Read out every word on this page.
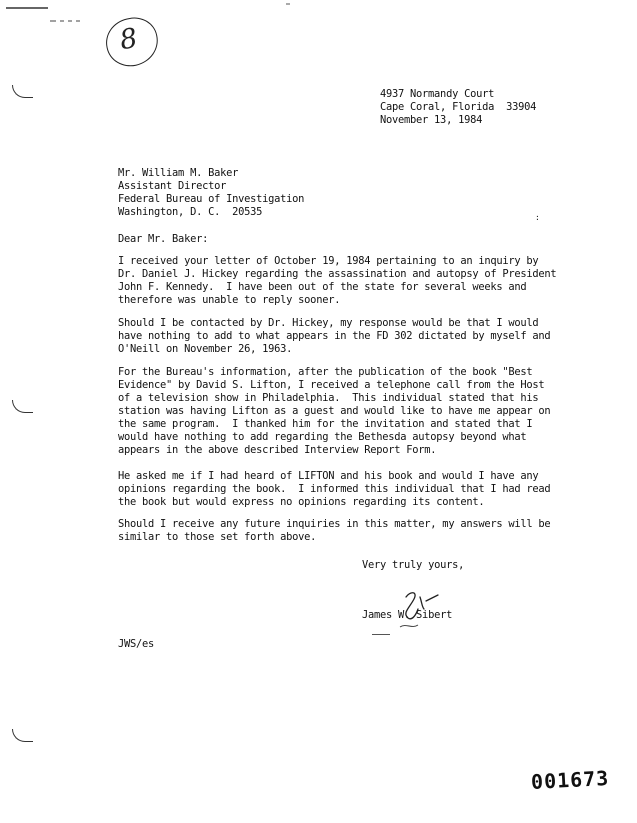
8
4937 Normandy Court
Cape Coral, Florida  33904
November 13, 1984
Mr. William M. Baker
Assistant Director
Federal Bureau of Investigation
Washington, D. C.  20535	:
Dear Mr. Baker:
I received your letter of October 19, 1984 pertaining to an inquiry by
Dr. Daniel J. Hickey regarding the assassination and autopsy of President
John F. Kennedy.  I have been out of the state for several weeks and
therefore was unable to reply sooner.
Should I be contacted by Dr. Hickey, my response would be that I would
have nothing to add to what appears in the FD 302 dictated by myself and
O'Neill on November 26, 1963.
For the Bureau's information, after the publication of the book "Best
Evidence" by David S. Lifton, I received a telephone call from the Host
of a television show in Philadelphia.  This individual stated that his
station was having Lifton as a guest and would like to have me appear on
the same program.  I thanked him for the invitation and stated that I
would have nothing to add regarding the Bethesda autopsy beyond what
appears in the above described Interview Report Form.
He asked me if I had heard of LIFTON and his book and would I have any
opinions regarding the book.  I informed this individual that I had read
the book but would express no opinions regarding its content.
Should I receive any future inquiries in this matter, my answers will be
similar to those set forth above.
Very truly yours,
James W. Sibert
JWS/es
001673
